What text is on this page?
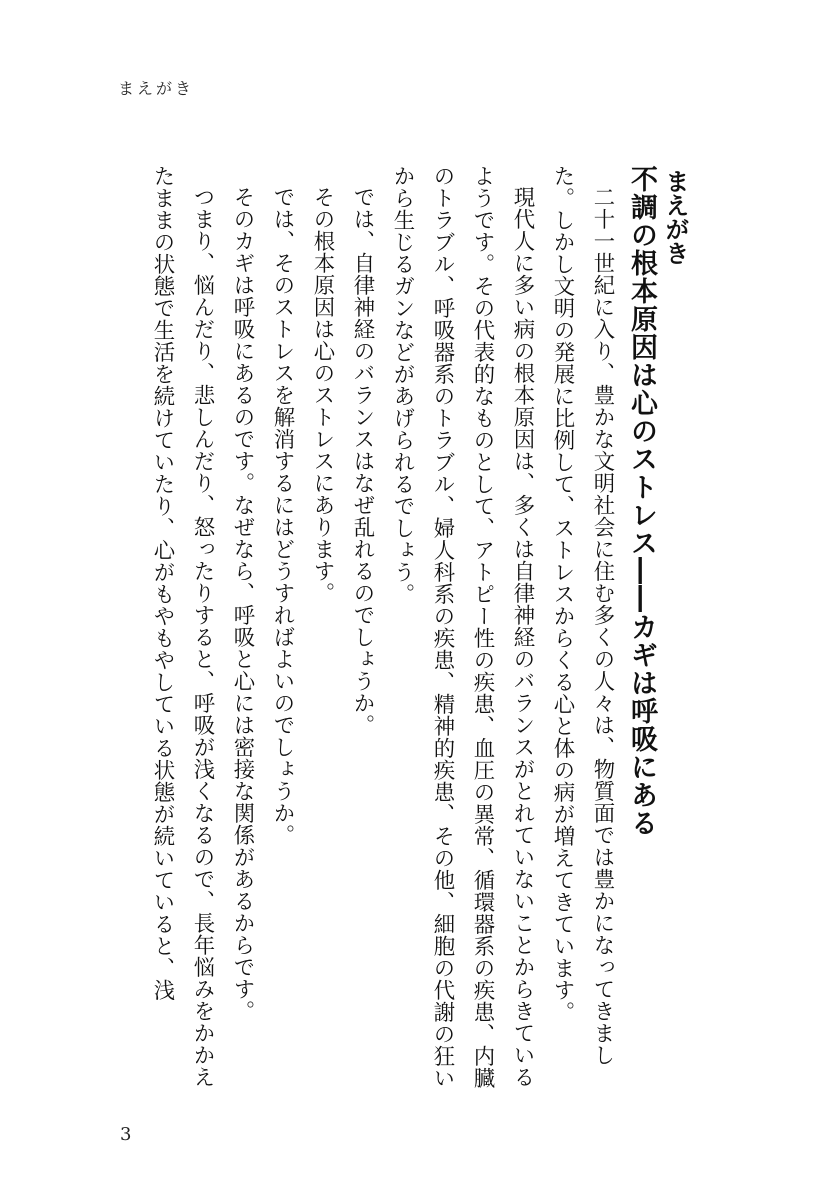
まえがき

まえがき

不調の根本原因は心のストレス――カギは呼吸にある

二十一世紀に入り、豊かな文明社会に住む多くの人々は、物質面では豊かになってきました。しかし文明の発展に比例して、ストレスからくる心と体の病が増えてきています。

現代人に多い病の根本原因は、多くは自律神経のバランスがとれていないことからきているようです。その代表的なものとして、アトピー性の疾患、血圧の異常、循環器系の疾患、内臓のトラブル、呼吸器系のトラブル、婦人科系の疾患、精神的疾患、その他、細胞の代謝の狂いから生じるガンなどがあげられるでしょう。

では、自律神経のバランスはなぜ乱れるのでしょうか。

その根本原因は心のストレスにあります。

では、そのストレスを解消するにはどうすればよいのでしょうか。

そのカギは呼吸にあるのです。なぜなら、呼吸と心には密接な関係があるからです。

つまり、悩んだり、悲しんだり、怒ったりすると、呼吸が浅くなるので、長年悩みをかかえたままの状態で生活を続けていたり、心がもやもやしている状態が続いていると、浅

3
